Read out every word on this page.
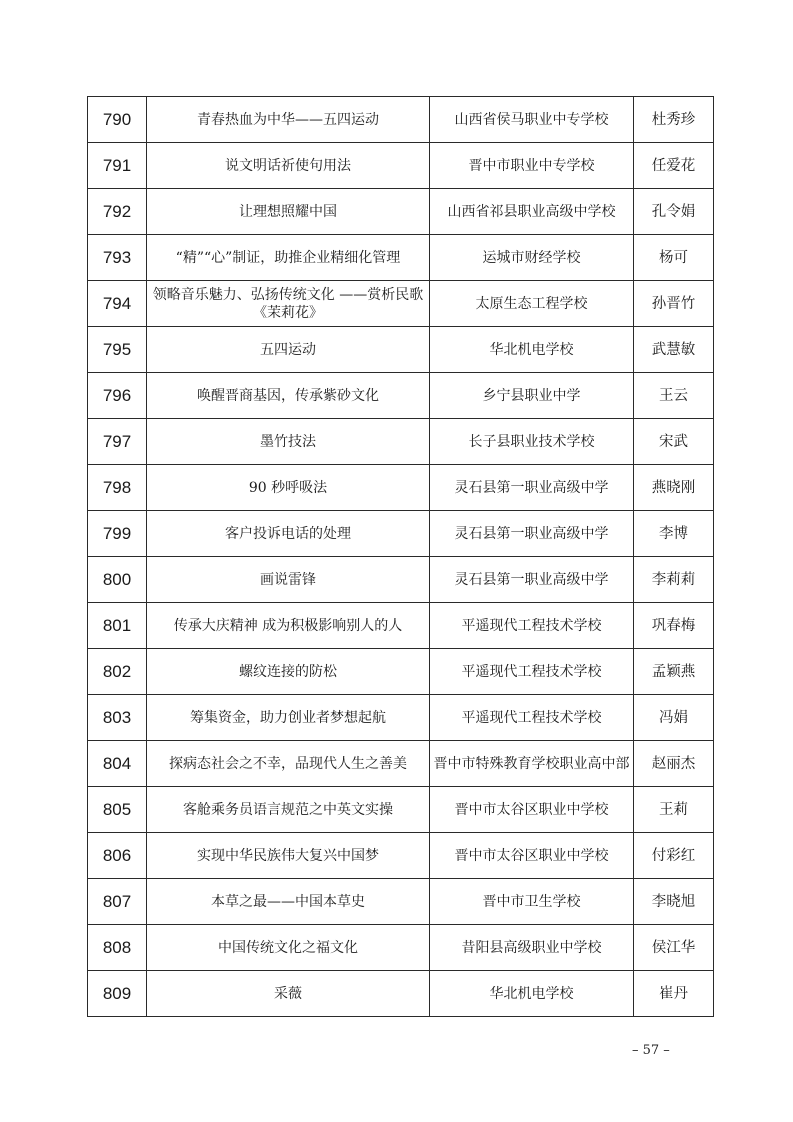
790	青春热血为中华——五四运动	山西省侯马职业中专学校	杜秀珍
791	说文明话祈使句用法	晋中市职业中专学校	任爱花
792	让理想照耀中国	山西省祁县职业高级中学校	孔令娟
793	“精”“心”制证，助推企业精细化管理	运城市财经学校	杨可
794	领略音乐魅力、弘扬传统文化 ——赏析民歌《茉莉花》	太原生态工程学校	孙晋竹
795	五四运动	华北机电学校	武慧敏
796	唤醒晋商基因，传承紫砂文化	乡宁县职业中学	王云
797	墨竹技法	长子县职业技术学校	宋武
798	90 秒呼吸法	灵石县第一职业高级中学	燕晓刚
799	客户投诉电话的处理	灵石县第一职业高级中学	李博
800	画说雷锋	灵石县第一职业高级中学	李莉莉
801	传承大庆精神 成为积极影响别人的人	平遥现代工程技术学校	巩春梅
802	螺纹连接的防松	平遥现代工程技术学校	孟颖燕
803	筹集资金，助力创业者梦想起航	平遥现代工程技术学校	冯娟
804	探病态社会之不幸，品现代人生之善美	晋中市特殊教育学校职业高中部	赵丽杰
805	客舱乘务员语言规范之中英文实操	晋中市太谷区职业中学校	王莉
806	实现中华民族伟大复兴中国梦	晋中市太谷区职业中学校	付彩红
807	本草之最——中国本草史	晋中市卫生学校	李晓旭
808	中国传统文化之福文化	昔阳县高级职业中学校	侯江华
809	采薇	华北机电学校	崔丹
– 57 –
